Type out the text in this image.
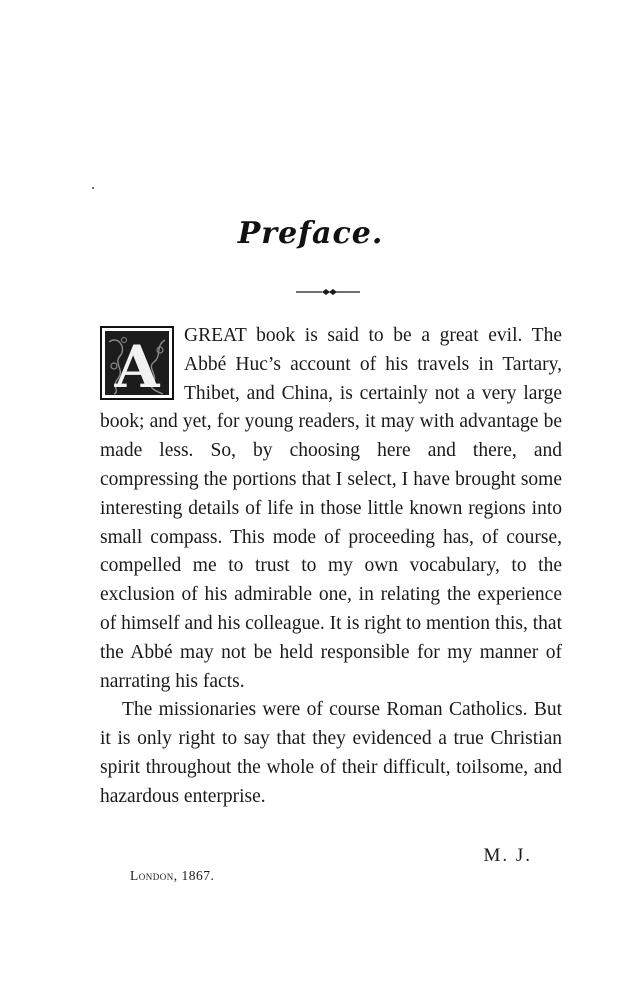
Preface.
A	GREAT book is said to be a great evil. The Abbé Huc’s account of his travels in Tartary, Thibet, and China, is certainly not a very large book; and yet, for young readers, it may with advantage be made less. So, by choosing here and there, and compressing the portions that I select, I have brought some interesting details of life in those little known regions into small compass. This mode of proceeding has, of course, compelled me to trust to my own vocabulary, to the exclusion of his admirable one, in relating the experience of himself and his colleague. It is right to mention this, that the Abbé may not be held responsible for my manner of narrating his facts.

The missionaries were of course Roman Catholics. But it is only right to say that they evidenced a true Christian spirit throughout the whole of their difficult, toilsome, and hazardous enterprise.

M. J.
London, 1867.
